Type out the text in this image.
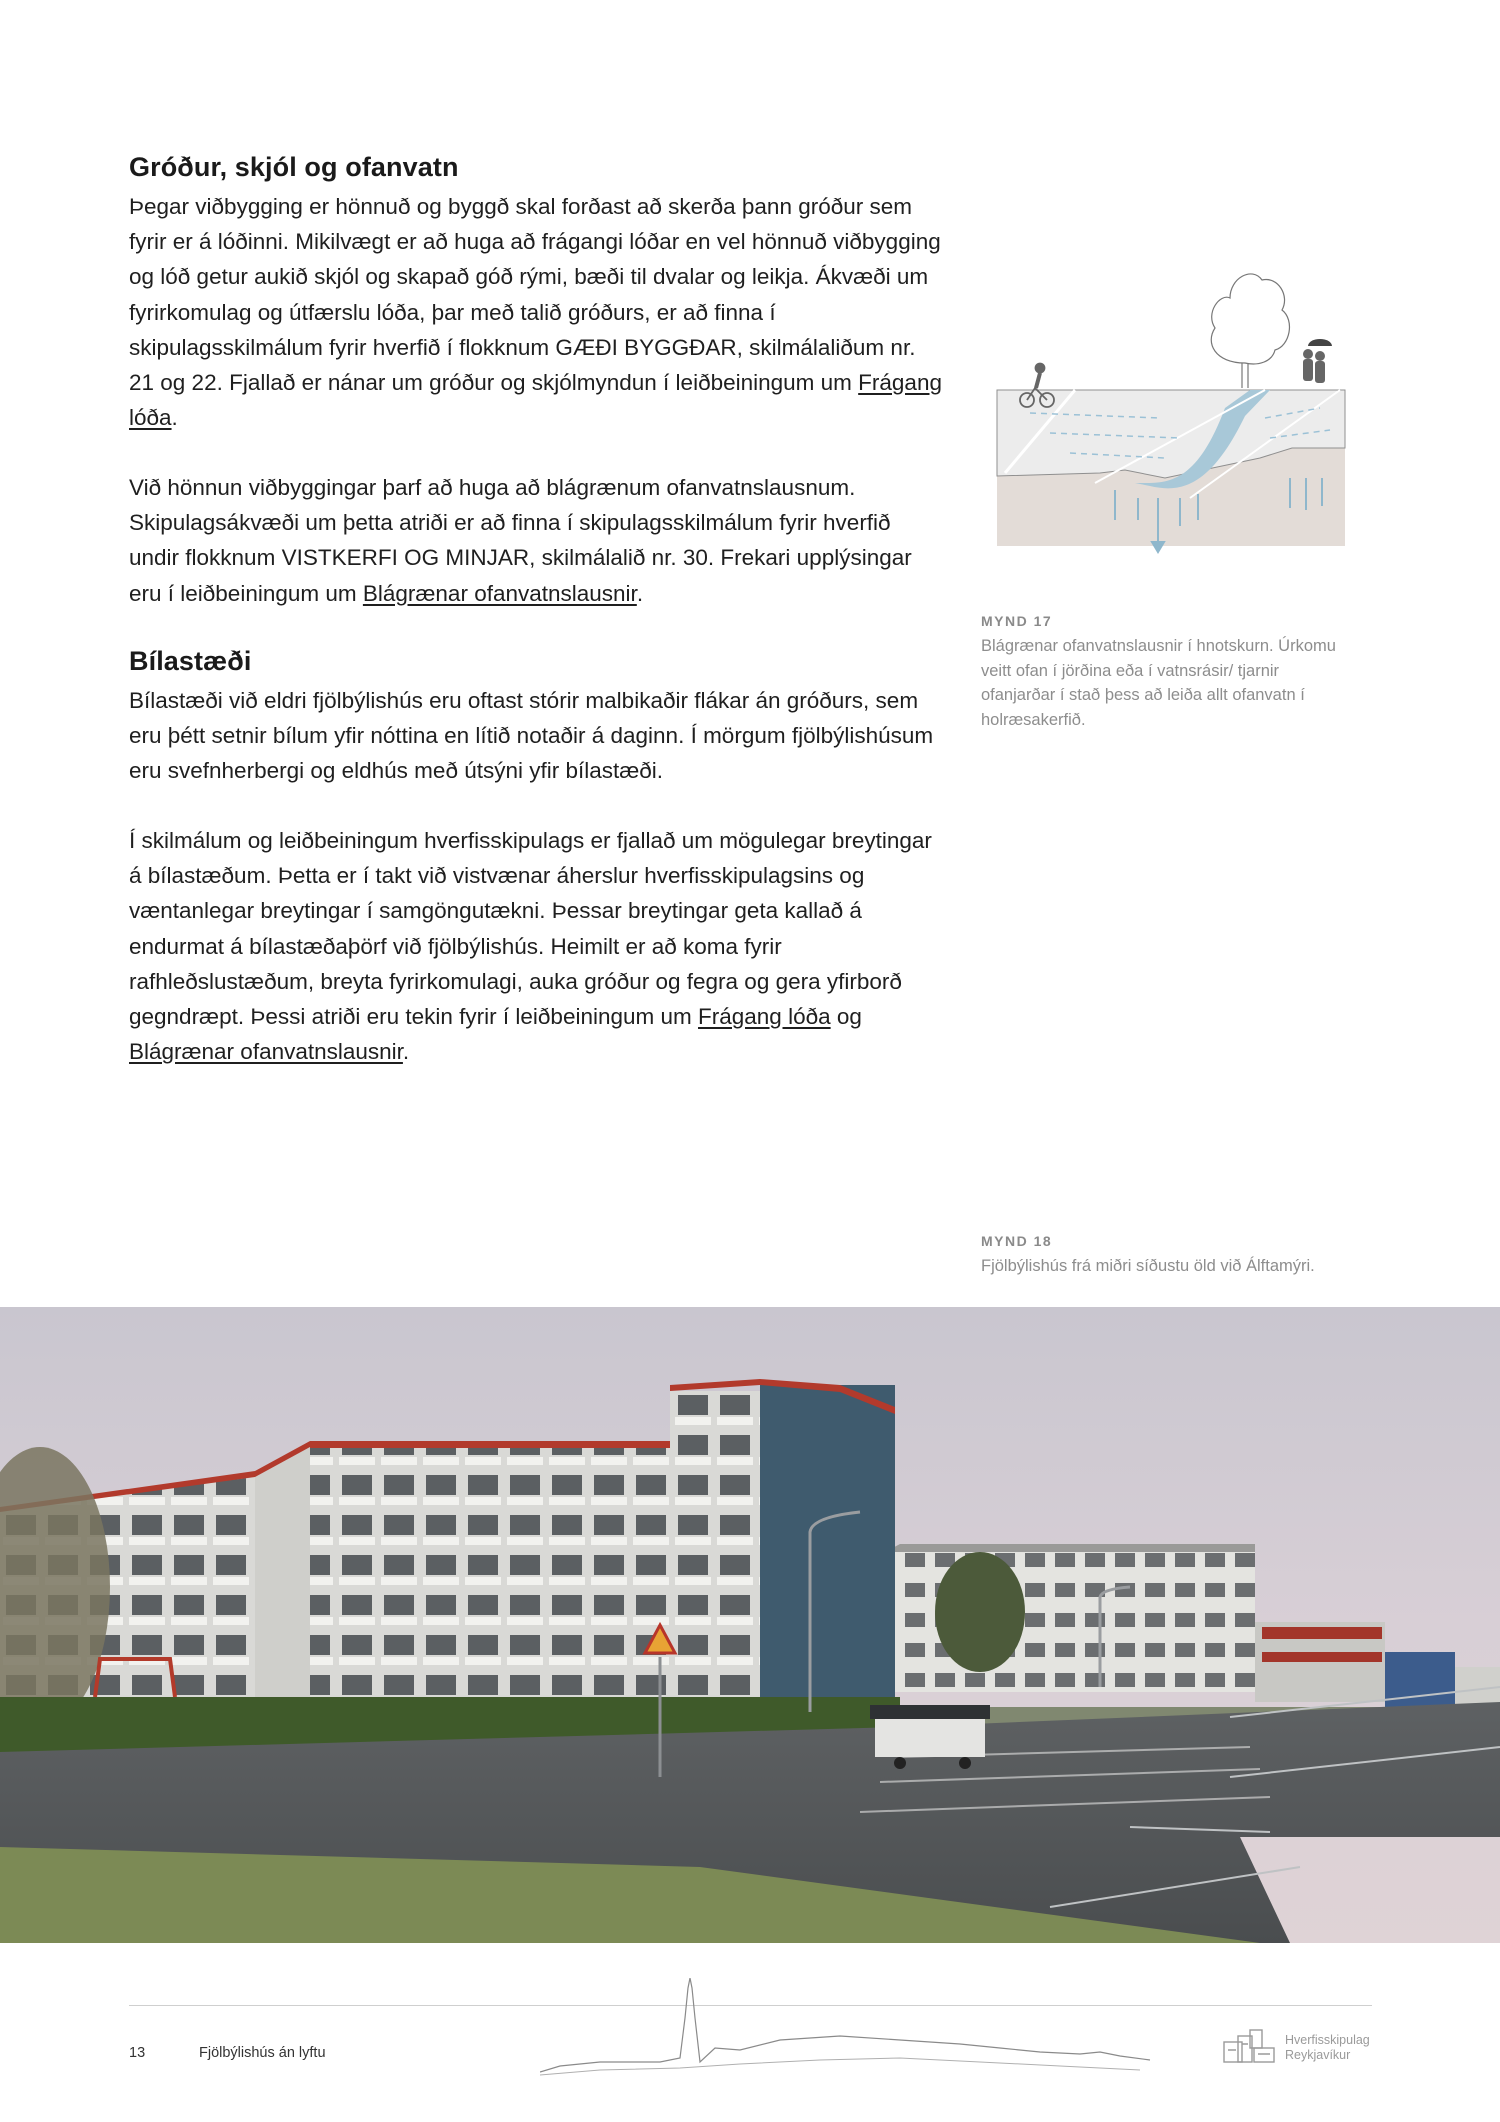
Gróður, skjól og ofanvatn

Þegar viðbygging er hönnuð og byggð skal forðast að skerða þann gróður sem fyrir er á lóðinni. Mikilvægt er að huga að frágangi lóðar en vel hönnuð viðbygging og lóð getur aukið skjól og skapað góð rými, bæði til dvalar og leikja. Ákvæði um fyrirkomulag og útfærslu lóða, þar með talið gróðurs, er að finna í skipulagsskilmálum fyrir hverfið í flokknum GÆÐI BYGGÐAR, skilmálaliðum nr. 21 og 22. Fjallað er nánar um gróður og skjólmyndun í leiðbeiningum um Frágang lóða.

Við hönnun viðbyggingar þarf að huga að blágrænum ofanvatnslausnum. Skipulagsákvæði um þetta atriði er að finna í skipulagsskilmálum fyrir hverfið undir flokknum VISTKERFI OG MINJAR, skilmálalið nr. 30. Frekari upplýsingar eru í leiðbeiningum um Blágrænar ofanvatnslausnir.

Bílastæði

Bílastæði við eldri fjölbýlishús eru oftast stórir malbikaðir flákar án gróðurs, sem eru þétt setnir bílum yfir nóttina en lítið notaðir á daginn. Í mörgum fjölbýlishúsum eru svefnherbergi og eldhús með útsýni yfir bílastæði.

Í skilmálum og leiðbeiningum hverfisskipulags er fjallað um mögulegar breytingar á bílastæðum. Þetta er í takt við vistvænar áherslur hverfisskipulagsins og væntanlegar breytingar í samgöngutækni. Þessar breytingar geta kallað á endurmat á bílastæðaþörf við fjölbýlishús. Heimilt er að koma fyrir rafhleðslustæðum, breyta fyrirkomulagi, auka gróður og fegra og gera yfirborð gegndræpt. Þessi atriði eru tekin fyrir í leiðbeiningum um Frágang lóða og Blágrænar ofanvatnslausnir.

MYND 17
Blágrænar ofanvatnslausnir í hnotskurn. Úrkomu veitt ofan í jörðina eða í vatnsrásir/ tjarnir ofanjarðar í stað þess að leiða allt ofanvatn í holræsakerfið.
MYND 18
Fjölbýlishús frá miðri síðustu öld við Álftamýri.
13	Fjölbýlishús án lyftu
Hverfisskipulag
Reykjavíkur
